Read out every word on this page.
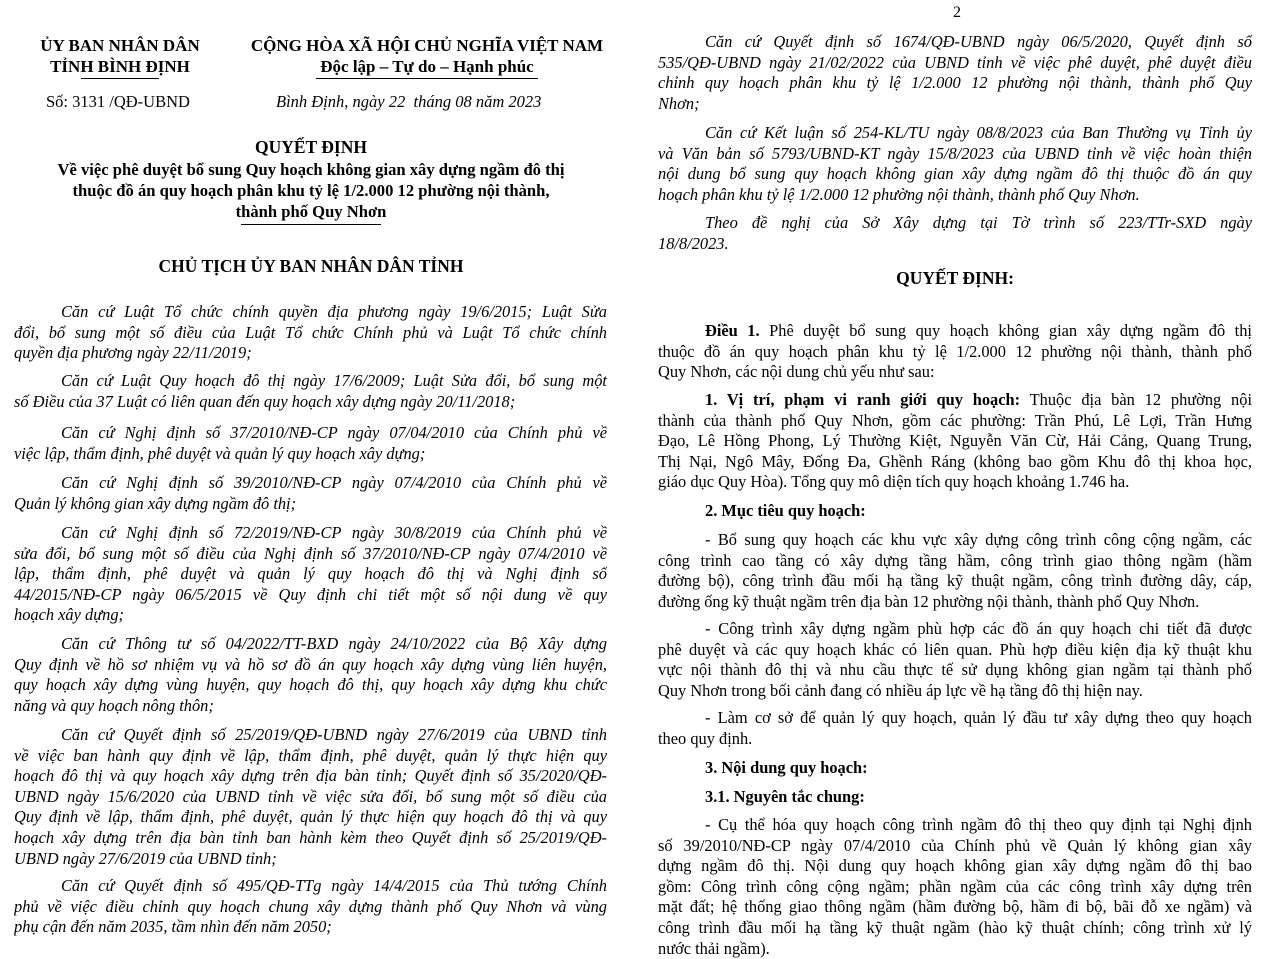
ỦY BAN NHÂN DÂN
TỈNH BÌNH ĐỊNH
CỘNG HÒA XÃ HỘI CHỦ NGHĨA VIỆT NAM
Độc lập – Tự do – Hạnh phúc
Số: 3131 /QĐ-UBND	Bình Định, ngày 22 tháng 08 năm 2023
QUYẾT ĐỊNH
Về việc phê duyệt bổ sung Quy hoạch không gian xây dựng ngầm đô thị
thuộc đồ án quy hoạch phân khu tỷ lệ 1/2.000 12 phường nội thành,
thành phố Quy Nhơn
CHỦ TỊCH ỦY BAN NHÂN DÂN TỈNH
Căn cứ Luật Tổ chức chính quyền địa phương ngày 19/6/2015; Luật Sửa
đổi, bổ sung một số điều của Luật Tổ chức Chính phủ và Luật Tổ chức chính
quyền địa phương ngày 22/11/2019;
Căn cứ Luật Quy hoạch đô thị ngày 17/6/2009; Luật Sửa đổi, bổ sung một
số Điều của 37 Luật có liên quan đến quy hoạch xây dựng ngày 20/11/2018;
Căn cứ Nghị định số 37/2010/NĐ-CP ngày 07/04/2010 của Chính phủ về
việc lập, thẩm định, phê duyệt và quản lý quy hoạch xây dựng;
Căn cứ Nghị định số 39/2010/NĐ-CP ngày 07/4/2010 của Chính phủ về
Quản lý không gian xây dựng ngầm đô thị;
Căn cứ Nghị định số 72/2019/NĐ-CP ngày 30/8/2019 của Chính phủ về
sửa đổi, bổ sung một số điều của Nghị định số 37/2010/NĐ-CP ngày 07/4/2010 về
lập, thẩm định, phê duyệt và quản lý quy hoạch đô thị và Nghị định số
44/2015/NĐ-CP ngày 06/5/2015 về Quy định chi tiết một số nội dung về quy
hoạch xây dựng;
Căn cứ Thông tư số 04/2022/TT-BXD ngày 24/10/2022 của Bộ Xây dựng
Quy định về hồ sơ nhiệm vụ và hồ sơ đồ án quy hoạch xây dựng vùng liên huyện,
quy hoạch xây dựng vùng huyện, quy hoạch đô thị, quy hoạch xây dựng khu chức
năng và quy hoạch nông thôn;
Căn cứ Quyết định số 25/2019/QĐ-UBND ngày 27/6/2019 của UBND tỉnh
về việc ban hành quy định về lập, thẩm định, phê duyệt, quản lý thực hiện quy
hoạch đô thị và quy hoạch xây dựng trên địa bàn tỉnh; Quyết định số 35/2020/QĐ-
UBND ngày 15/6/2020 của UBND tỉnh về việc sửa đổi, bổ sung một số điều của
Quy định về lập, thẩm định, phê duyệt, quản lý thực hiện quy hoạch đô thị và quy
hoạch xây dựng trên địa bàn tỉnh ban hành kèm theo Quyết định số 25/2019/QĐ-
UBND ngày 27/6/2019 của UBND tỉnh;
Căn cứ Quyết định số 495/QĐ-TTg ngày 14/4/2015 của Thủ tướng Chính
phủ về việc điều chỉnh quy hoạch chung xây dựng thành phố Quy Nhơn và vùng
phụ cận đến năm 2035, tầm nhìn đến năm 2050;
2
Căn cứ Quyết định số 1674/QĐ-UBND ngày 06/5/2020, Quyết định số
535/QĐ-UBND ngày 21/02/2022 của UBND tỉnh về việc phê duyệt, phê duyệt điều
chỉnh quy hoạch phân khu tỷ lệ 1/2.000 12 phường nội thành, thành phố Quy
Nhơn;
Căn cứ Kết luận số 254-KL/TU ngày 08/8/2023 của Ban Thường vụ Tỉnh ủy
và Văn bản số 5793/UBND-KT ngày 15/8/2023 của UBND tỉnh về việc hoàn thiện
nội dung bổ sung quy hoạch không gian xây dựng ngầm đô thị thuộc đồ án quy
hoạch phân khu tỷ lệ 1/2.000 12 phường nội thành, thành phố Quy Nhơn.
Theo đề nghị của Sở Xây dựng tại Tờ trình số 223/TTr-SXD ngày
18/8/2023.
QUYẾT ĐỊNH:
Điều 1. Phê duyệt bổ sung quy hoạch không gian xây dựng ngầm đô thị
thuộc đồ án quy hoạch phân khu tỷ lệ 1/2.000 12 phường nội thành, thành phố
Quy Nhơn, các nội dung chủ yếu như sau:
1. Vị trí, phạm vi ranh giới quy hoạch: Thuộc địa bàn 12 phường nội
thành của thành phố Quy Nhơn, gồm các phường: Trần Phú, Lê Lợi, Trần Hưng
Đạo, Lê Hồng Phong, Lý Thường Kiệt, Nguyễn Văn Cừ, Hải Cảng, Quang Trung,
Thị Nại, Ngô Mây, Đống Đa, Ghềnh Ráng (không bao gồm Khu đô thị khoa học,
giáo dục Quy Hòa). Tổng quy mô diện tích quy hoạch khoảng 1.746 ha.
2. Mục tiêu quy hoạch:
- Bổ sung quy hoạch các khu vực xây dựng công trình công cộng ngầm, các
công trình cao tầng có xây dựng tầng hầm, công trình giao thông ngầm (hầm
đường bộ), công trình đầu mối hạ tầng kỹ thuật ngầm, công trình đường dây, cáp,
đường ống kỹ thuật ngầm trên địa bàn 12 phường nội thành, thành phố Quy Nhơn.
- Công trình xây dựng ngầm phù hợp các đồ án quy hoạch chi tiết đã được
phê duyệt và các quy hoạch khác có liên quan. Phù hợp điều kiện địa kỹ thuật khu
vực nội thành đô thị và nhu cầu thực tế sử dụng không gian ngầm tại thành phố
Quy Nhơn trong bối cảnh đang có nhiều áp lực về hạ tầng đô thị hiện nay.
- Làm cơ sở để quản lý quy hoạch, quản lý đầu tư xây dựng theo quy hoạch
theo quy định.
3. Nội dung quy hoạch:
3.1. Nguyên tắc chung:
- Cụ thể hóa quy hoạch công trình ngầm đô thị theo quy định tại Nghị định
số 39/2010/NĐ-CP ngày 07/4/2010 của Chính phủ về Quản lý không gian xây
dựng ngầm đô thị. Nội dung quy hoạch không gian xây dựng ngầm đô thị bao
gồm: Công trình công cộng ngầm; phần ngầm của các công trình xây dựng trên
mặt đất; hệ thống giao thông ngầm (hầm đường bộ, hầm đi bộ, bãi đỗ xe ngầm) và
công trình đầu mối hạ tầng kỹ thuật ngầm (hào kỹ thuật chính; công trình xử lý
nước thải ngầm).
